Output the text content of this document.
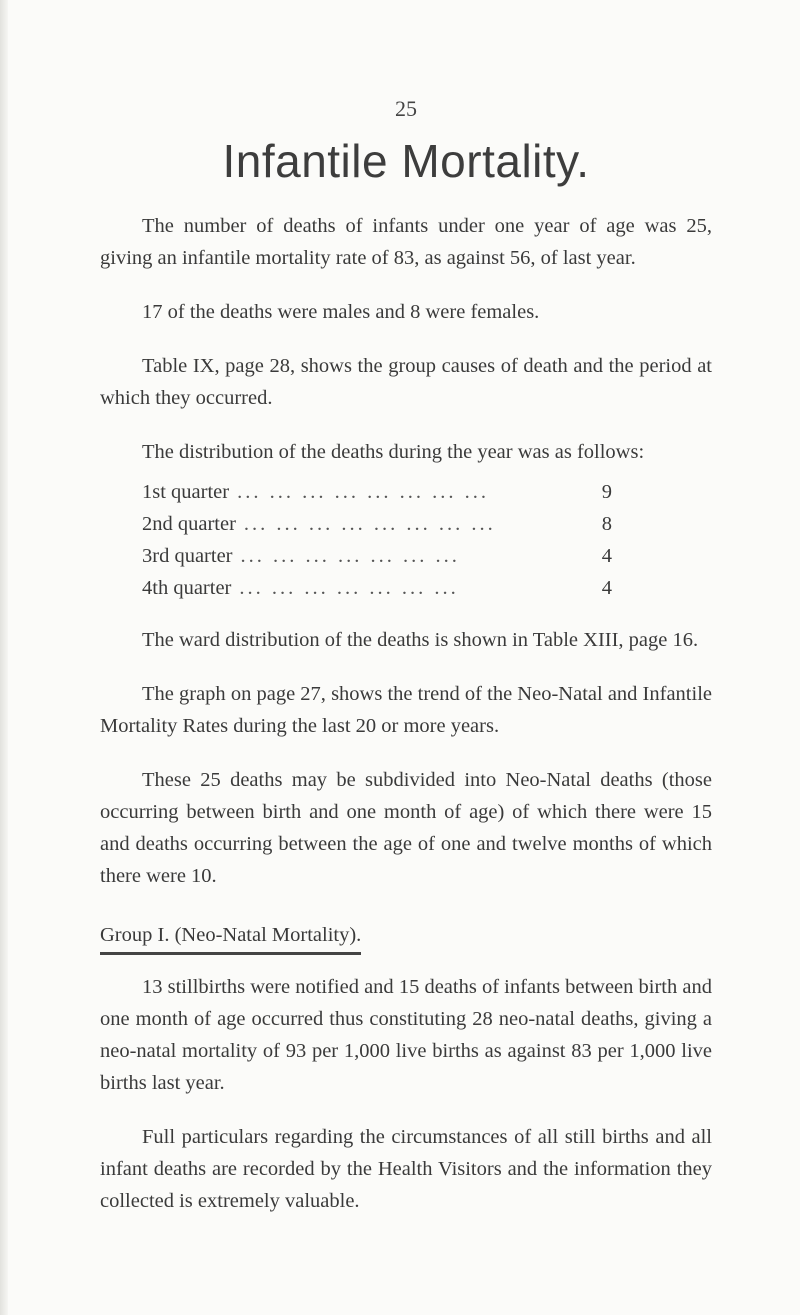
25
Infantile Mortality.

The number of deaths of infants under one year of age was 25, giving an infantile mortality rate of 83, as against 56, of last year.

17 of the deaths were males and 8 were females.

Table IX, page 28, shows the group causes of death and the period at which they occurred.

The distribution of the deaths during the year was as follows:

1st quarter ... ... ... ... ... ... ... ...	9
2nd quarter ... ... ... ... ... ... ... ...	8
3rd quarter ... ... ... ... ... ... ...	4
4th quarter ... ... ... ... ... ... ...	4

The ward distribution of the deaths is shown in Table XIII, page 16.

The graph on page 27, shows the trend of the Neo-Natal and Infantile Mortality Rates during the last 20 or more years.

These 25 deaths may be subdivided into Neo-Natal deaths (those occurring between birth and one month of age) of which there were 15 and deaths occurring between the age of one and twelve months of which there were 10.

Group I. (Neo-Natal Mortality).

13 stillbirths were notified and 15 deaths of infants between birth and one month of age occurred thus constituting 28 neo-natal deaths, giving a neo-natal mortality of 93 per 1,000 live births as against 83 per 1,000 live births last year.

Full particulars regarding the circumstances of all still births and all infant deaths are recorded by the Health Visitors and the information they collected is extremely valuable.
